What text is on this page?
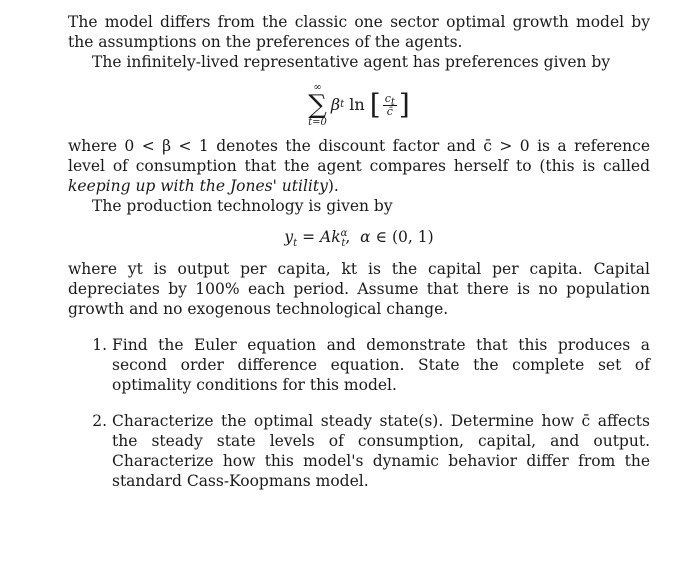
The model differs from the classic one sector optimal growth model by the assumptions on the preferences of the agents.

The infinitely-lived representative agent has preferences given by

∞
∑
t=0
β t
ln
[ $\frac{c_t}{c̄}$ ]

where 0 < β < 1 denotes the discount factor and c̄ > 0 is a reference level of consumption that the agent compares herself to (this is called keeping up with the Jones' utility).

The production technology is given by

$y_t = Ak^\alpha_t$,  α ∈ (0, 1)

where yt is output per capita, kt is the capital per capita. Capital depreciates by 100% each period. Assume that there is no population growth and no exogenous technological change.

1. Find the Euler equation and demonstrate that this produces a second order difference equation. State the complete set of optimality conditions for this model.
2. Characterize the optimal steady state(s). Determine how c̄ affects the steady state levels of consumption, capital, and output. Characterize how this model's dynamic behavior differ from the standard Cass-Koopmans model.
